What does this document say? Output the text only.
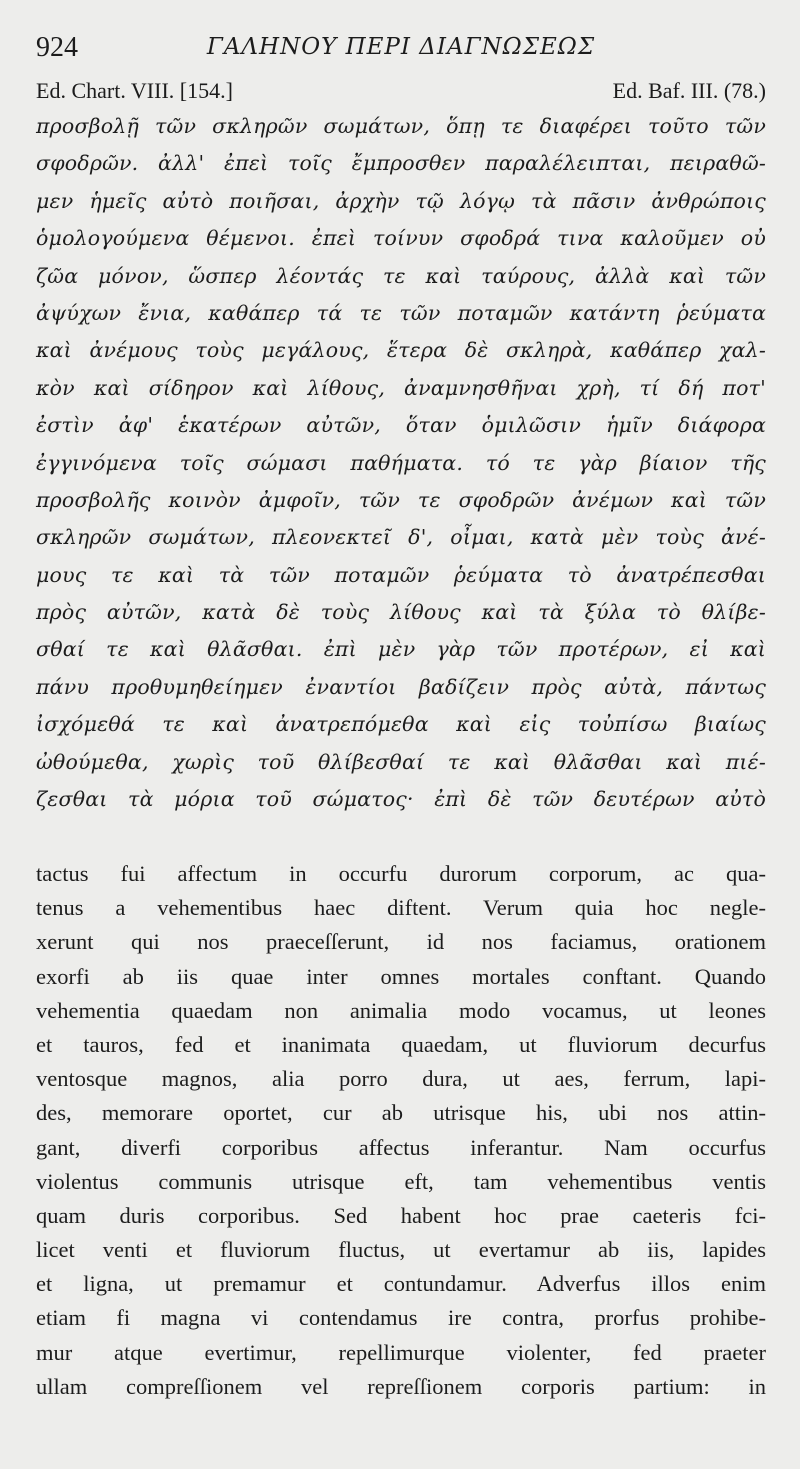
924	ΓΑΛΗΝΟΥ ΠΕΡΙ ΔΙΑΓΝΩΣΕΩΣ
Ed. Chart. VIII. [154.]	Ed. Baf. III. (78.)
προσβολῇ τῶν σκληρῶν σωμάτων, ὅπῃ τε διαφέρει τοῦτο τῶν
σφοδρῶν. ἀλλ' ἐπεὶ τοῖς ἔμπροσθεν παραλέλειπται, πειραθῶ-
μεν ἡμεῖς αὐτὸ ποιῆσαι, ἀρχὴν τῷ λόγῳ τὰ πᾶσιν ἀνθρώποις
ὁμολογούμενα θέμενοι. ἐπεὶ τοίνυν σφοδρά τινα καλοῦμεν οὐ
ζῶα μόνον, ὥσπερ λέοντάς τε καὶ ταύρους, ἀλλὰ καὶ τῶν
ἀψύχων ἔνια, καθάπερ τά τε τῶν ποταμῶν κατάντη ῥεύματα
καὶ ἀνέμους τοὺς μεγάλους, ἕτερα δὲ σκληρὰ, καθάπερ χαλ-
κὸν καὶ σίδηρον καὶ λίθους, ἀναμνησθῆναι χρὴ, τί δή ποτ'
ἐστὶν ἀφ' ἑκατέρων αὐτῶν, ὅταν ὁμιλῶσιν ἡμῖν διάφορα
ἐγγινόμενα τοῖς σώμασι παθήματα. τό τε γὰρ βίαιον τῆς
προσβολῆς κοινὸν ἀμφοῖν, τῶν τε σφοδρῶν ἀνέμων καὶ τῶν
σκληρῶν σωμάτων, πλεονεκτεῖ δ', οἶμαι, κατὰ μὲν τοὺς ἀνέ-
μους τε καὶ τὰ τῶν ποταμῶν ῥεύματα τὸ ἀνατρέπεσθαι
πρὸς αὐτῶν, κατὰ δὲ τοὺς λίθους καὶ τὰ ξύλα τὸ θλίβε-
σθαί τε καὶ θλᾶσθαι. ἐπὶ μὲν γὰρ τῶν προτέρων, εἰ καὶ
πάνυ προθυμηθείημεν ἐναντίοι βαδίζειν πρὸς αὐτὰ, πάντως
ἰσχόμεθά τε καὶ ἀνατρεπόμεθα καὶ εἰς τοὐπίσω βιαίως
ὠθούμεθα, χωρὶς τοῦ θλίβεσθαί τε καὶ θλᾶσθαι καὶ πιέ-
ζεσθαι τὰ μόρια τοῦ σώματος· ἐπὶ δὲ τῶν δευτέρων αὐτὸ
tactus fui affectum in occurfu durorum corporum, ac qua-
tenus a vehementibus haec diftent. Verum quia hoc negle-
xerunt qui nos praeceſſerunt, id nos faciamus, orationem
exorfi ab iis quae inter omnes mortales conftant. Quando
vehementia quaedam non animalia modo vocamus, ut leones
et tauros, fed et inanimata quaedam, ut fluviorum decurfus
ventosque magnos, alia porro dura, ut aes, ferrum, lapi-
des, memorare oportet, cur ab utrisque his, ubi nos attin-
gant, diverfi corporibus affectus inferantur. Nam occurfus
violentus communis utrisque eft, tam vehementibus ventis
quam duris corporibus. Sed habent hoc prae caeteris fci-
licet venti et fluviorum fluctus, ut evertamur ab iis, lapides
et ligna, ut premamur et contundamur. Adverfus illos enim
etiam fi magna vi contendamus ire contra, prorfus prohibe-
mur atque evertimur, repellimurque violenter, fed praeter
ullam compreſſionem vel repreſſionem corporis partium: in
